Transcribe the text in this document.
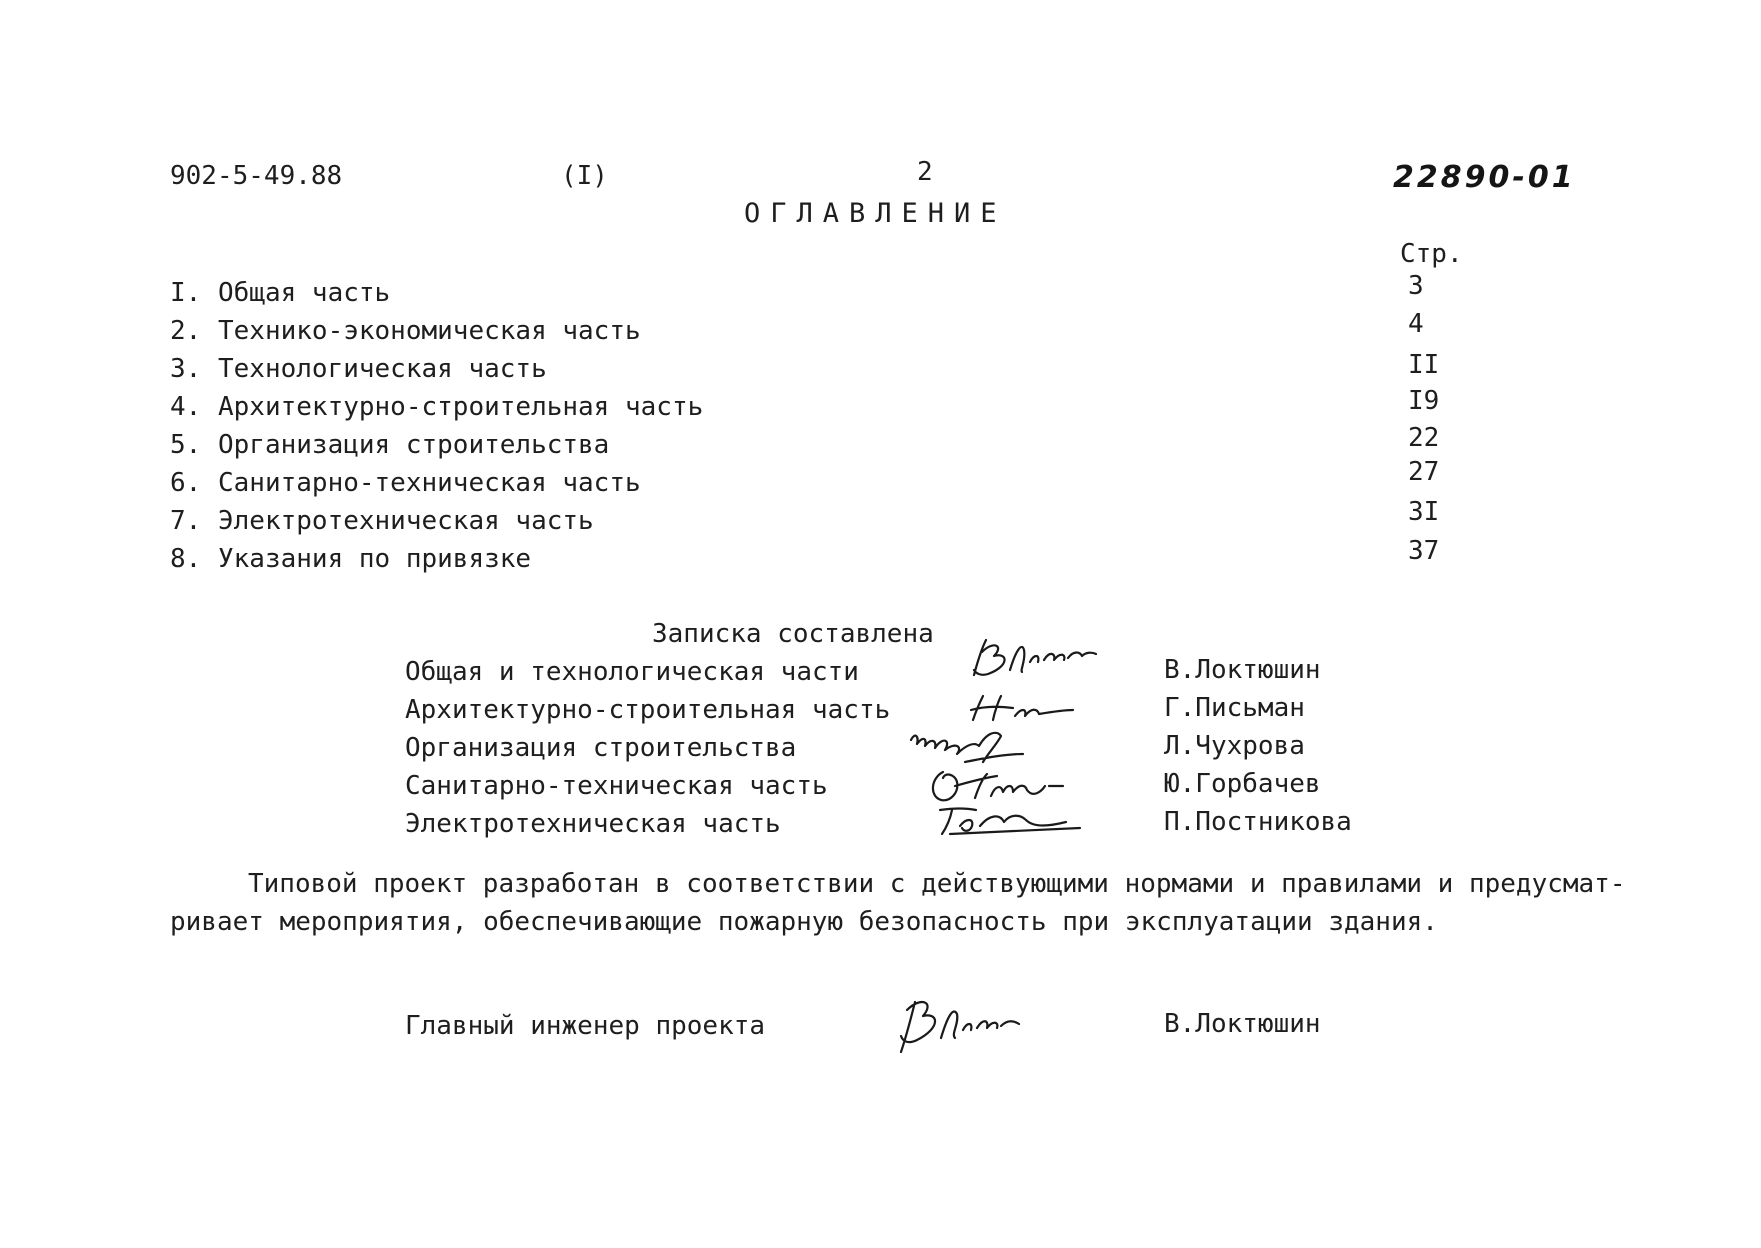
902-5-49.88	(I)	2	22890-01
ОГЛАВЛЕНИЕ
Стр.
I. Общая часть	3
2. Технико-экономическая часть	4
3. Технологическая часть	II
4. Архитектурно-строительная часть	I9
5. Организация строительства	22
6. Санитарно-техническая часть	27
7. Электротехническая часть	3I
8. Указания по привязке	37
Записка составлена
Общая и технологическая части	В.Локтюшин
Архитектурно-строительная часть	Г.Письман
Организация строительства	Л.Чухрова
Санитарно-техническая часть	Ю.Горбачев
Электротехническая часть	П.Постникова
Типовой проект разработан в соответствии с действующими нормами и правилами и предусмат-
ривает мероприятия, обеспечивающие пожарную безопасность при эксплуатации здания.
Главный инженер проекта	В.Локтюшин
